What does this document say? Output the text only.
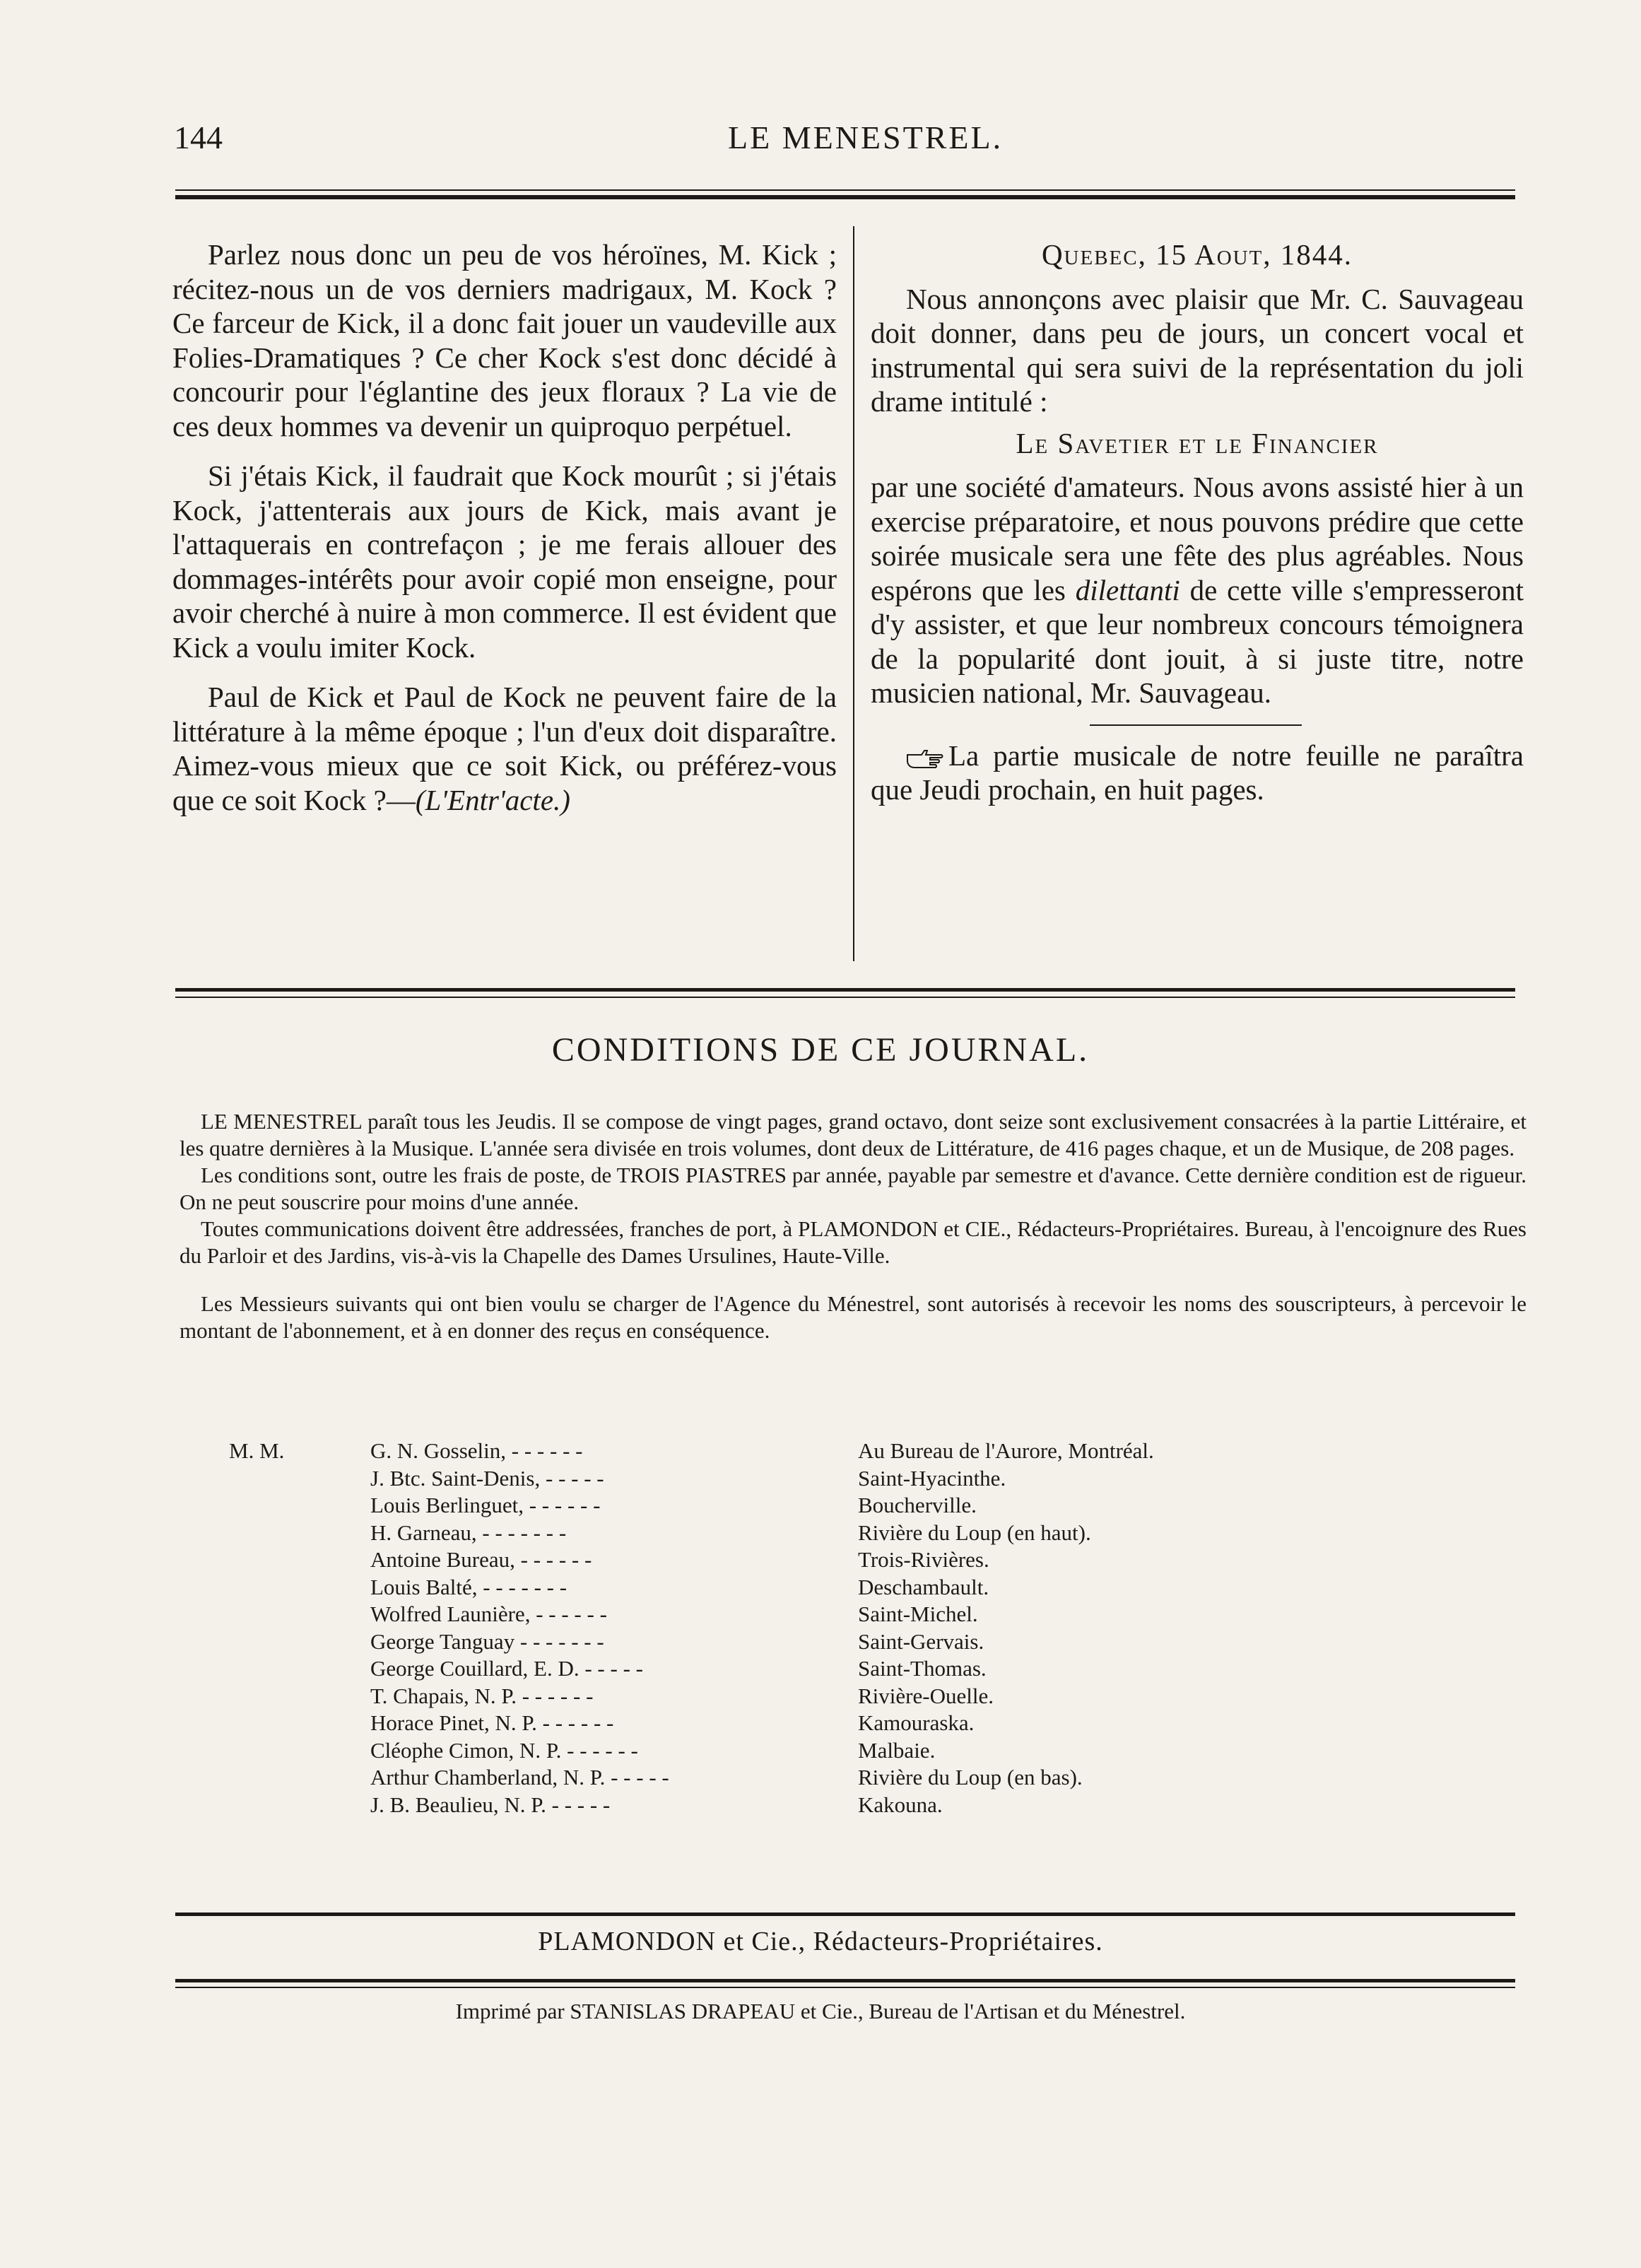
144	LE MENESTREL.

Parlez nous donc un peu de vos héroïnes, M. Kick ; récitez-nous un de vos derniers madrigaux, M. Kock ? Ce farceur de Kick, il a donc fait jouer un vaudeville aux Folies-Dramatiques ? Ce cher Kock s'est donc décidé à concourir pour l'églantine des jeux floraux ? La vie de ces deux hommes va devenir un quiproquo perpétuel.

Si j'étais Kick, il faudrait que Kock mourût ; si j'étais Kock, j'attenterais aux jours de Kick, mais avant je l'attaquerais en contrefaçon ; je me ferais allouer des dommages-intérêts pour avoir copié mon enseigne, pour avoir cherché à nuire à mon commerce. Il est évident que Kick a voulu imiter Kock.

Paul de Kick et Paul de Kock ne peuvent faire de la littérature à la même époque ; l'un d'eux doit disparaître. Aimez-vous mieux que ce soit Kick, ou préférez-vous que ce soit Kock ?—(L'Entr'acte.)

Quebec, 15 Aout, 1844.

Nous annonçons avec plaisir que Mr. C. Sauvageau doit donner, dans peu de jours, un concert vocal et instrumental qui sera suivi de la représentation du joli drame intitulé :

Le Savetier et le Financier

par une société d'amateurs. Nous avons assisté hier à un exercise préparatoire, et nous pouvons prédire que cette soirée musicale sera une fête des plus agréables. Nous espérons que les dilettanti de cette ville s'empresseront d'y assister, et que leur nombreux concours témoignera de la popularité dont jouit, à si juste titre, notre musicien national, Mr. Sauvageau.

La partie musicale de notre feuille ne paraîtra que Jeudi prochain, en huit pages.

CONDITIONS DE CE JOURNAL.

LE MENESTREL paraît tous les Jeudis. Il se compose de vingt pages, grand octavo, dont seize sont exclusivement consacrées à la partie Littéraire, et les quatre dernières à la Musique. L'année sera divisée en trois volumes, dont deux de Littérature, de 416 pages chaque, et un de Musique, de 208 pages.

Les conditions sont, outre les frais de poste, de TROIS PIASTRES par année, payable par semestre et d'avance. Cette dernière condition est de rigueur. On ne peut souscrire pour moins d'une année.

Toutes communications doivent être addressées, franches de port, à PLAMONDON et CIE., Rédacteurs-Propriétaires. Bureau, à l'encoignure des Rues du Parloir et des Jardins, vis-à-vis la Chapelle des Dames Ursulines, Haute-Ville.

Les Messieurs suivants qui ont bien voulu se charger de l'Agence du Ménestrel, sont autorisés à recevoir les noms des souscripteurs, à percevoir le montant de l'abonnement, et à en donner des reçus en conséquence.

M. M.	G. N. Gosselin, - - - - - -	Au Bureau de l'Aurore, Montréal.
J. Btc. Saint-Denis, - - - - -	Saint-Hyacinthe.
Louis Berlinguet, - - - - - -	Boucherville.
H. Garneau, - - - - - - -	Rivière du Loup (en haut).
Antoine Bureau, - - - - - -	Trois-Rivières.
Louis Balté, - - - - - - -	Deschambault.
Wolfred Launière, - - - - - -	Saint-Michel.
George Tanguay - - - - - - -	Saint-Gervais.
George Couillard, E. D. - - - - -	Saint-Thomas.
T. Chapais, N. P. - - - - - -	Rivière-Ouelle.
Horace Pinet, N. P. - - - - - -	Kamouraska.
Cléophe Cimon, N. P. - - - - - -	Malbaie.
Arthur Chamberland, N. P. - - - - -	Rivière du Loup (en bas).
J. B. Beaulieu, N. P. - - - - -	Kakouna.
PLAMONDON et Cie., Rédacteurs-Propriétaires.
Imprimé par STANISLAS DRAPEAU et Cie., Bureau de l'Artisan et du Ménestrel.
